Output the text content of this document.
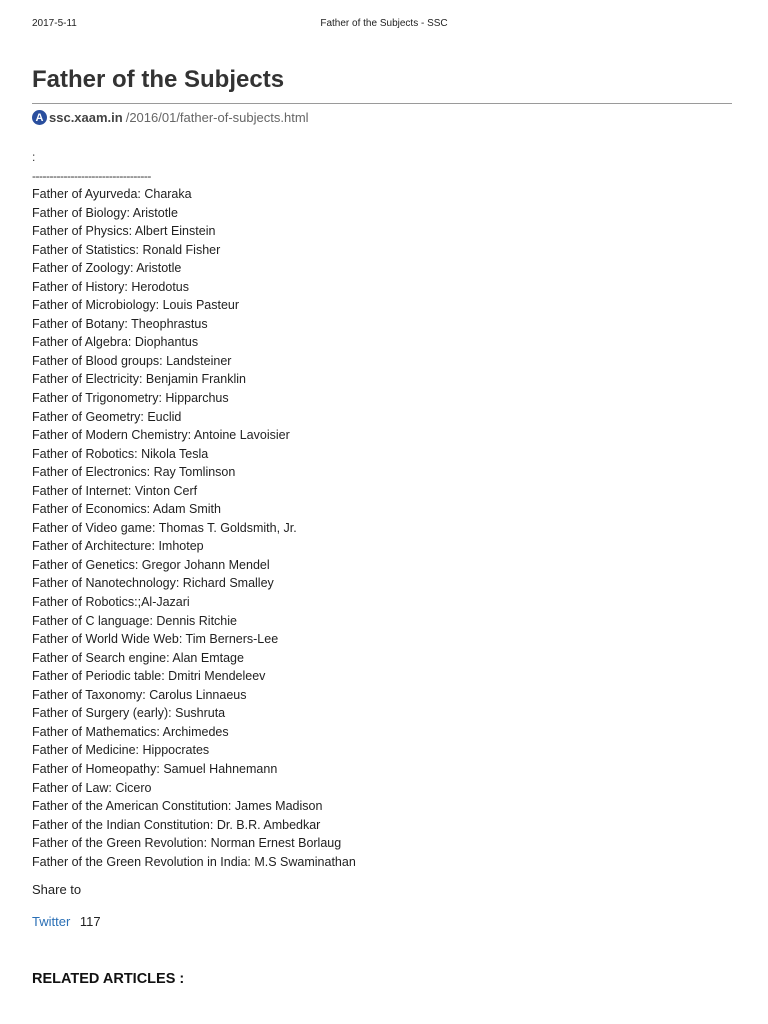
2017-5-11	Father of the Subjects - SSC
Father of the Subjects
A ssc.xaam.in /2016/01/father-of-subjects.html
:
----------------------------------
Father of Ayurveda: Charaka
Father of Biology: Aristotle
Father of Physics: Albert Einstein
Father of Statistics: Ronald Fisher
Father of Zoology: Aristotle
Father of History: Herodotus
Father of Microbiology: Louis Pasteur
Father of Botany: Theophrastus
Father of Algebra: Diophantus
Father of Blood groups: Landsteiner
Father of Electricity: Benjamin Franklin
Father of Trigonometry: Hipparchus
Father of Geometry: Euclid
Father of Modern Chemistry: Antoine Lavoisier
Father of Robotics: Nikola Tesla
Father of Electronics: Ray Tomlinson
Father of Internet: Vinton Cerf
Father of Economics: Adam Smith
Father of Video game: Thomas T. Goldsmith, Jr.
Father of Architecture: Imhotep
Father of Genetics: Gregor Johann Mendel
Father of Nanotechnology: Richard Smalley
Father of Robotics:;Al-Jazari
Father of C language: Dennis Ritchie
Father of World Wide Web: Tim Berners-Lee
Father of Search engine: Alan Emtage
Father of Periodic table: Dmitri Mendeleev
Father of Taxonomy: Carolus Linnaeus
Father of Surgery (early): Sushruta
Father of Mathematics: Archimedes
Father of Medicine: Hippocrates
Father of Homeopathy: Samuel Hahnemann
Father of Law: Cicero
Father of the American Constitution: James Madison
Father of the Indian Constitution: Dr. B.R. Ambedkar
Father of the Green Revolution: Norman Ernest Borlaug
Father of the Green Revolution in India: M.S Swaminathan
Share to
Twitter 117
RELATED ARTICLES :
